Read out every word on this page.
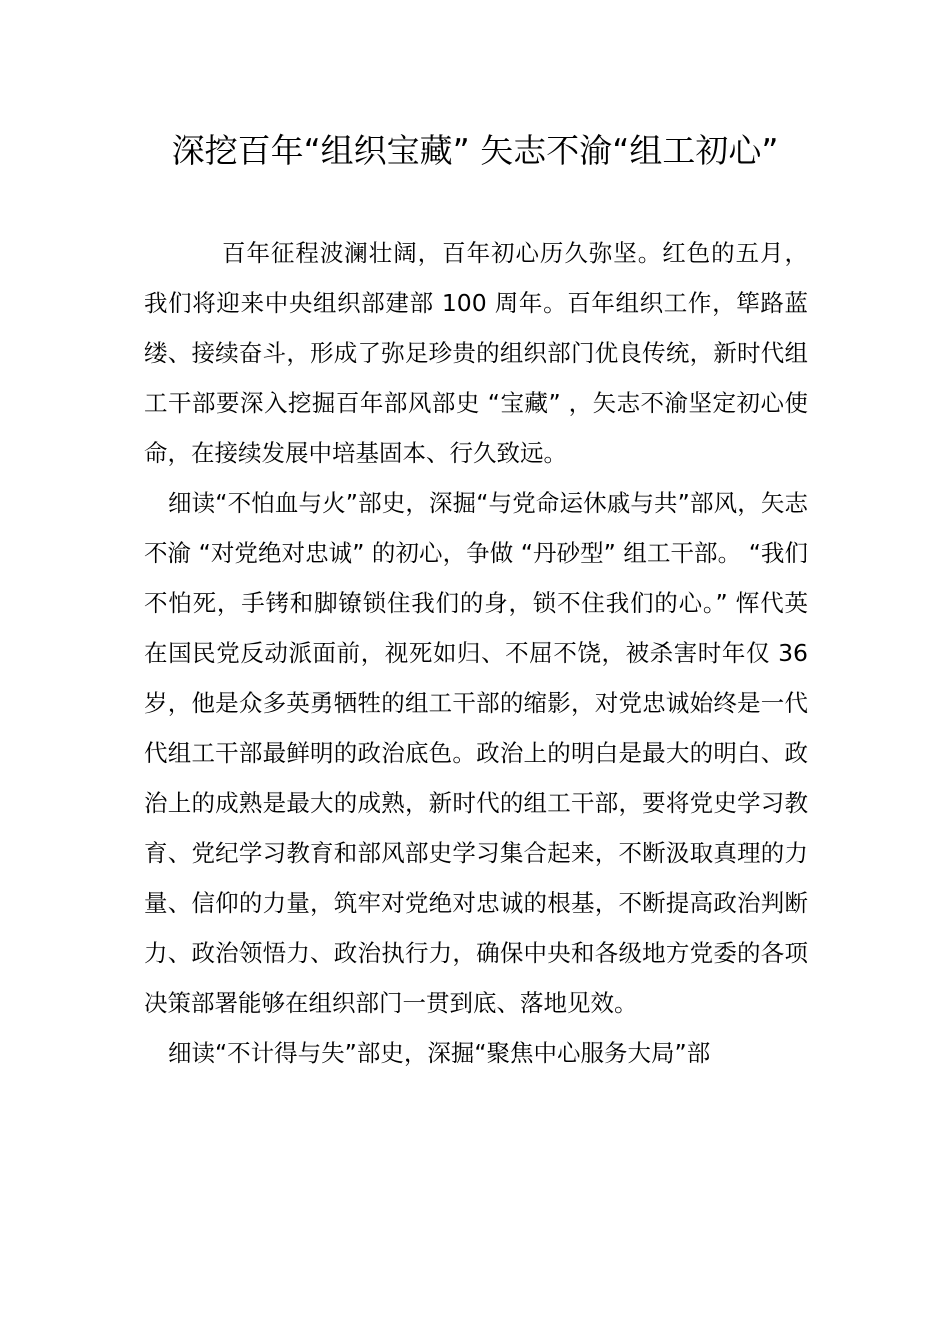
深挖百年“组织宝藏” 矢志不渝“组工初心”

百年征程波澜壮阔，百年初心历久弥坚。红色的五月，我们将迎来中央组织部建部 100 周年。百年组织工作，筚路蓝缕、接续奋斗，形成了弥足珍贵的组织部门优良传统，新时代组工干部要深入挖掘百年部风部史 “宝藏” ，矢志不渝坚定初心使命，在接续发展中培基固本、行久致远。

细读“不怕血与火”部史，深掘“与党命运休戚与共”部风，矢志不渝 “对党绝对忠诚” 的初心，争做 “丹砂型” 组工干部。 “我们不怕死，手铐和脚镣锁住我们的身，锁不住我们的心。” 恽代英在国民党反动派面前，视死如归、不屈不饶，被杀害时年仅 36 岁，他是众多英勇牺牲的组工干部的缩影，对党忠诚始终是一代代组工干部最鲜明的政治底色。政治上的明白是最大的明白、政治上的成熟是最大的成熟，新时代的组工干部，要将党史学习教育、党纪学习教育和部风部史学习集合起来，不断汲取真理的力量、信仰的力量，筑牢对党绝对忠诚的根基，不断提高政治判断力、政治领悟力、政治执行力，确保中央和各级地方党委的各项决策部署能够在组织部门一贯到底、落地见效。

细读“不计得与失”部史，深掘“聚焦中心服务大局”部
